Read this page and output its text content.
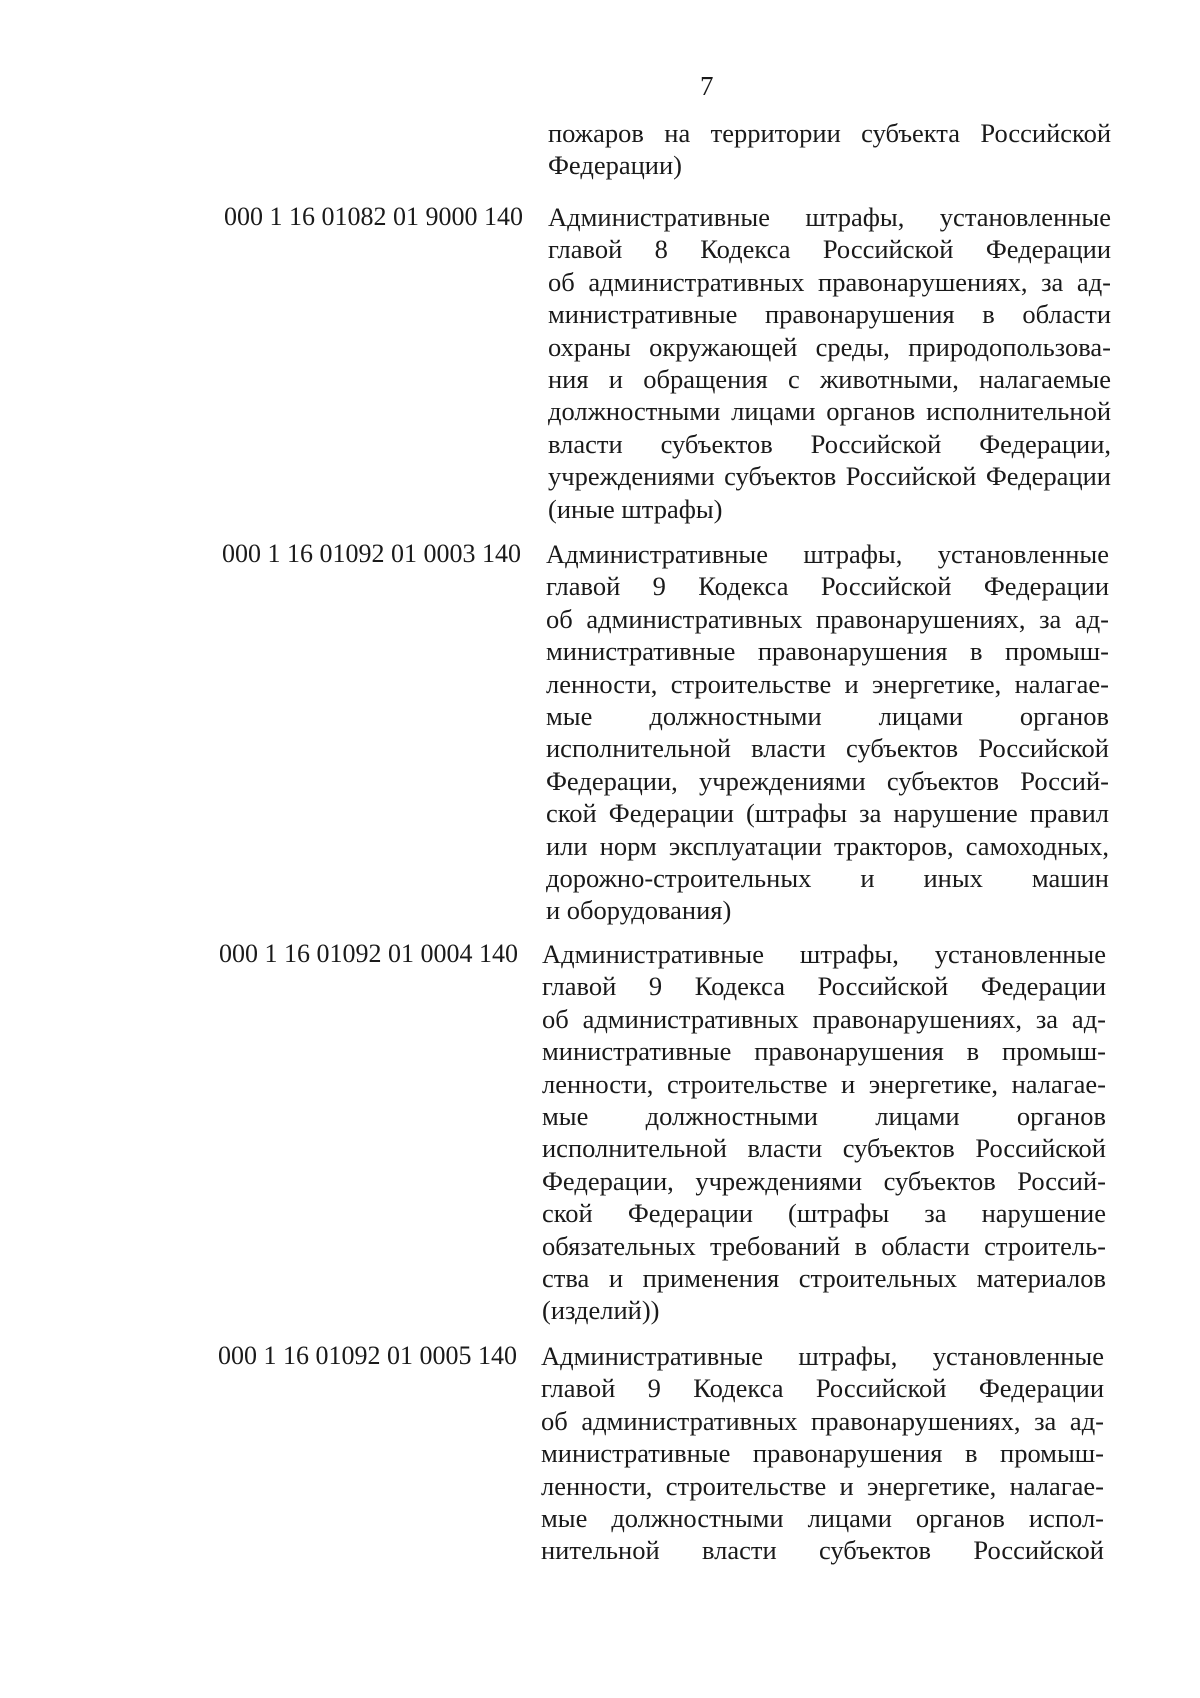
7
пожаров на территории субъекта Российской
Федерации)
000 1 16 01082 01 9000 140 Административные штрафы, установленные
главой 8 Кодекса Российской Федерации
об административных правонарушениях, за ад-
министративные правонарушения в области
охраны окружающей среды, природопользова-
ния и обращения с животными, налагаемые
должностными лицами органов исполнительной
власти субъектов Российской Федерации,
учреждениями субъектов Российской Федерации
(иные штрафы)
000 1 16 01092 01 0003 140 Административные штрафы, установленные
главой 9 Кодекса Российской Федерации
об административных правонарушениях, за ад-
министративные правонарушения в промыш-
ленности, строительстве и энергетике, налагае-
мые должностными лицами органов
исполнительной власти субъектов Российской
Федерации, учреждениями субъектов Россий-
ской Федерации (штрафы за нарушение правил
или норм эксплуатации тракторов, самоходных,
дорожно-строительных и иных машин
и оборудования)
000 1 16 01092 01 0004 140 Административные штрафы, установленные
главой 9 Кодекса Российской Федерации
об административных правонарушениях, за ад-
министративные правонарушения в промыш-
ленности, строительстве и энергетике, налагае-
мые должностными лицами органов
исполнительной власти субъектов Российской
Федерации, учреждениями субъектов Россий-
ской Федерации (штрафы за нарушение
обязательных требований в области строитель-
ства и применения строительных материалов
(изделий))
000 1 16 01092 01 0005 140 Административные штрафы, установленные
главой 9 Кодекса Российской Федерации
об административных правонарушениях, за ад-
министративные правонарушения в промыш-
ленности, строительстве и энергетике, налагае-
мые должностными лицами органов испол-
нительной власти субъектов Российской
